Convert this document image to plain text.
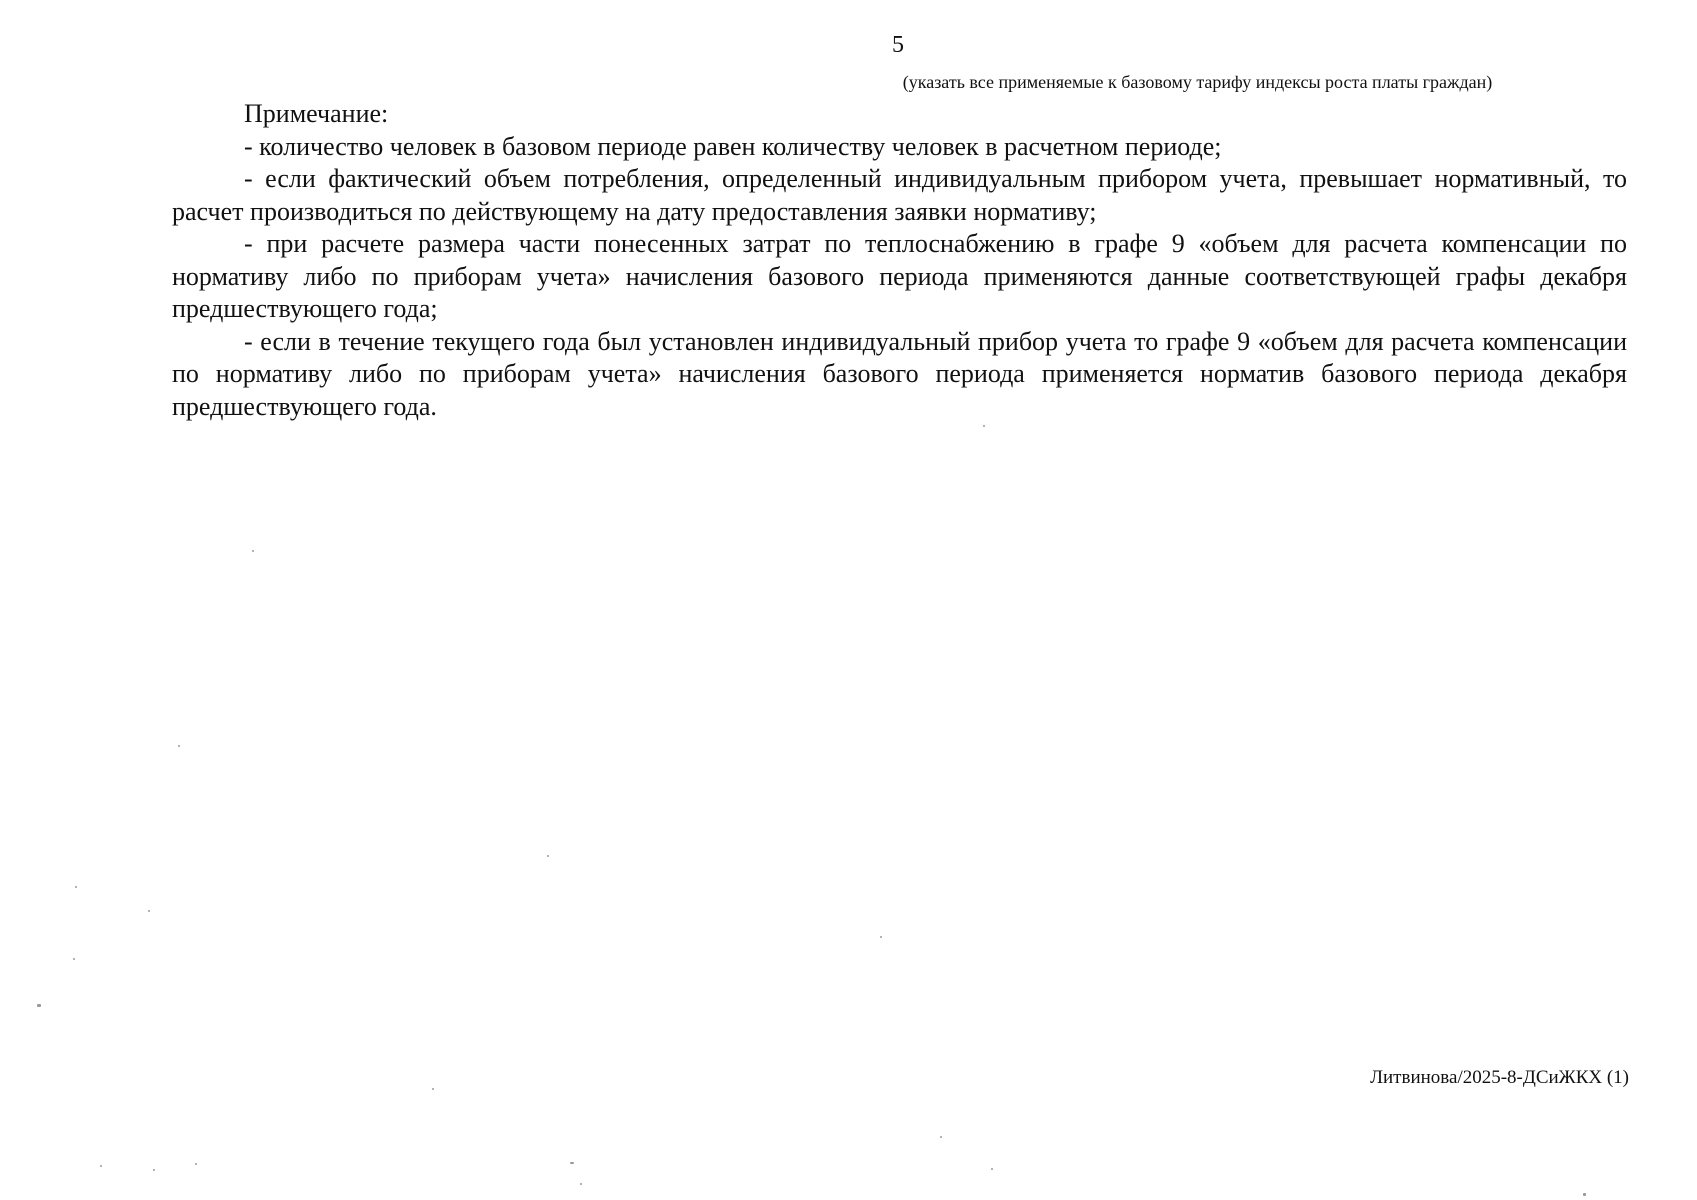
5
(указать все применяемые к базовому тарифу индексы роста платы граждан)

Примечание:

- количество человек в базовом периоде равен количеству человек в расчетном периоде;

- если фактический объем потребления, определенный индивидуальным прибором учета, превышает нормативный, то расчет производиться по действующему на дату предоставления заявки нормативу;

- при расчете размера части понесенных затрат по теплоснабжению в графе 9 «объем для расчета компенсации по нормативу либо по приборам учета» начисления базового периода применяются данные соответствующей графы декабря предшествующего года;

- если в течение текущего года был установлен индивидуальный прибор учета то графе 9 «объем для расчета компенсации по нормативу либо по приборам учета» начисления базового периода применяется норматив базового периода декабря предшествующего года.

Литвинова/2025-8-ДСиЖКХ (1)
